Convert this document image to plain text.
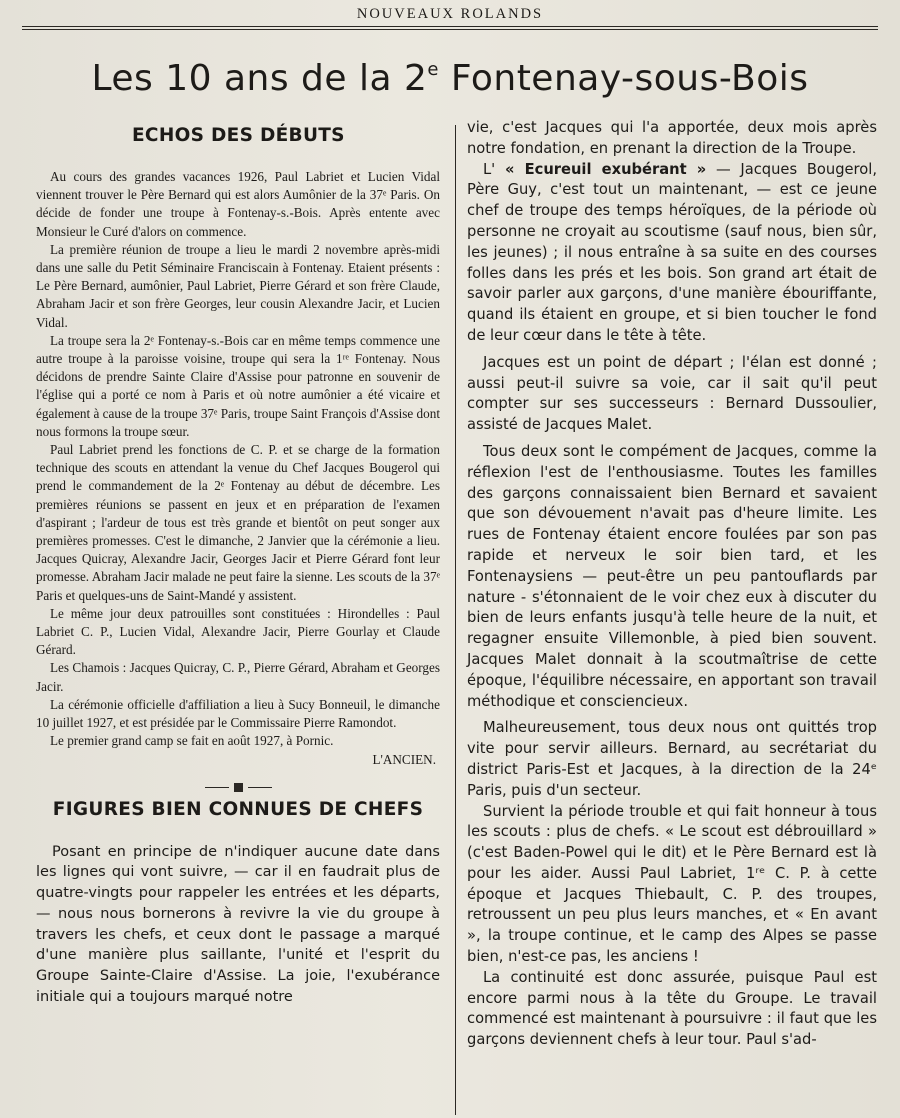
NOUVEAUX ROLANDS
Les 10 ans de la 2e Fontenay-sous-Bois
ECHOS DES DÉBUTS

Au cours des grandes vacances 1926, Paul Labriet et Lucien Vidal viennent trouver le Père Bernard qui est alors Aumônier de la 37ᵉ Paris. On décide de fonder une troupe à Fontenay-s.-Bois. Après entente avec Monsieur le Curé d'alors on commence.

La première réunion de troupe a lieu le mardi 2 novembre après-midi dans une salle du Petit Séminaire Franciscain à Fontenay. Etaient présents : Le Père Bernard, aumônier, Paul Labriet, Pierre Gérard et son frère Claude, Abraham Jacir et son frère Georges, leur cousin Alexandre Jacir, et Lucien Vidal.

La troupe sera la 2ᵉ Fontenay-s.-Bois car en même temps commence une autre troupe à la paroisse voisine, troupe qui sera la 1ʳᵉ Fontenay. Nous décidons de prendre Sainte Claire d'Assise pour patronne en souvenir de l'église qui a porté ce nom à Paris et où notre aumônier a été vicaire et également à cause de la troupe 37ᵉ Paris, troupe Saint François d'Assise dont nous formons la troupe sœur.

Paul Labriet prend les fonctions de C. P. et se charge de la formation technique des scouts en attendant la venue du Chef Jacques Bougerol qui prend le commandement de la 2ᵉ Fontenay au début de décembre. Les premières réunions se passent en jeux et en préparation de l'examen d'aspirant ; l'ardeur de tous est très grande et bientôt on peut songer aux premières promesses. C'est le dimanche, 2 Janvier que la cérémonie a lieu. Jacques Quicray, Alexandre Jacir, Georges Jacir et Pierre Gérard font leur promesse. Abraham Jacir malade ne peut faire la sienne. Les scouts de la 37ᵉ Paris et quelques-uns de Saint-Mandé y assistent.

Le même jour deux patrouilles sont constituées : Hirondelles : Paul Labriet C. P., Lucien Vidal, Alexandre Jacir, Pierre Gourlay et Claude Gérard.

Les Chamois : Jacques Quicray, C. P., Pierre Gérard, Abraham et Georges Jacir.

La cérémonie officielle d'affiliation a lieu à Sucy Bonneuil, le dimanche 10 juillet 1927, et est présidée par le Commissaire Pierre Ramondot.

Le premier grand camp se fait en août 1927, à Pornic.

L'ANCIEN.

FIGURES BIEN CONNUES DE CHEFS

Posant en principe de n'indiquer aucune date dans les lignes qui vont suivre, — car il en faudrait plus de quatre-vingts pour rappeler les entrées et les départs, — nous nous bornerons à revivre la vie du groupe à travers les chefs, et ceux dont le passage a marqué d'une manière plus saillante, l'unité et l'esprit du Groupe Sainte-Claire d'Assise. La joie, l'exubérance initiale qui a toujours marqué notre

vie, c'est Jacques qui l'a apportée, deux mois après notre fondation, en prenant la direction de la Troupe.

L' « Ecureuil exubérant » — Jacques Bougerol, Père Guy, c'est tout un maintenant, — est ce jeune chef de troupe des temps héroïques, de la période où personne ne croyait au scoutisme (sauf nous, bien sûr, les jeunes) ; il nous entraîne à sa suite en des courses folles dans les prés et les bois. Son grand art était de savoir parler aux garçons, d'une manière ébouriffante, quand ils étaient en groupe, et si bien toucher le fond de leur cœur dans le tête à tête.

Jacques est un point de départ ; l'élan est donné ; aussi peut-il suivre sa voie, car il sait qu'il peut compter sur ses successeurs : Bernard Dussoulier, assisté de Jacques Malet.

Tous deux sont le compément de Jacques, comme la réflexion l'est de l'enthousiasme. Toutes les familles des garçons connaissaient bien Bernard et savaient que son dévouement n'avait pas d'heure limite. Les rues de Fontenay étaient encore foulées par son pas rapide et nerveux le soir bien tard, et les Fontenaysiens — peut-être un peu pantouflards par nature - s'étonnaient de le voir chez eux à discuter du bien de leurs enfants jusqu'à telle heure de la nuit, et regagner ensuite Villemonble, à pied bien souvent. Jacques Malet donnait à la scoutmaîtrise de cette époque, l'équilibre nécessaire, en apportant son travail méthodique et consciencieux.

Malheureusement, tous deux nous ont quittés trop vite pour servir ailleurs. Bernard, au secrétariat du district Paris-Est et Jacques, à la direction de la 24ᵉ Paris, puis d'un secteur.

Survient la période trouble et qui fait honneur à tous les scouts : plus de chefs. « Le scout est débrouillard » (c'est Baden-Powel qui le dit) et le Père Bernard est là pour les aider. Aussi Paul Labriet, 1ʳᵉ C. P. à cette époque et Jacques Thiebault, C. P. des troupes, retroussent un peu plus leurs manches, et « En avant », la troupe continue, et le camp des Alpes se passe bien, n'est-ce pas, les anciens !

La continuité est donc assurée, puisque Paul est encore parmi nous à la tête du Groupe. Le travail commencé est maintenant à poursuivre : il faut que les garçons deviennent chefs à leur tour. Paul s'ad-
